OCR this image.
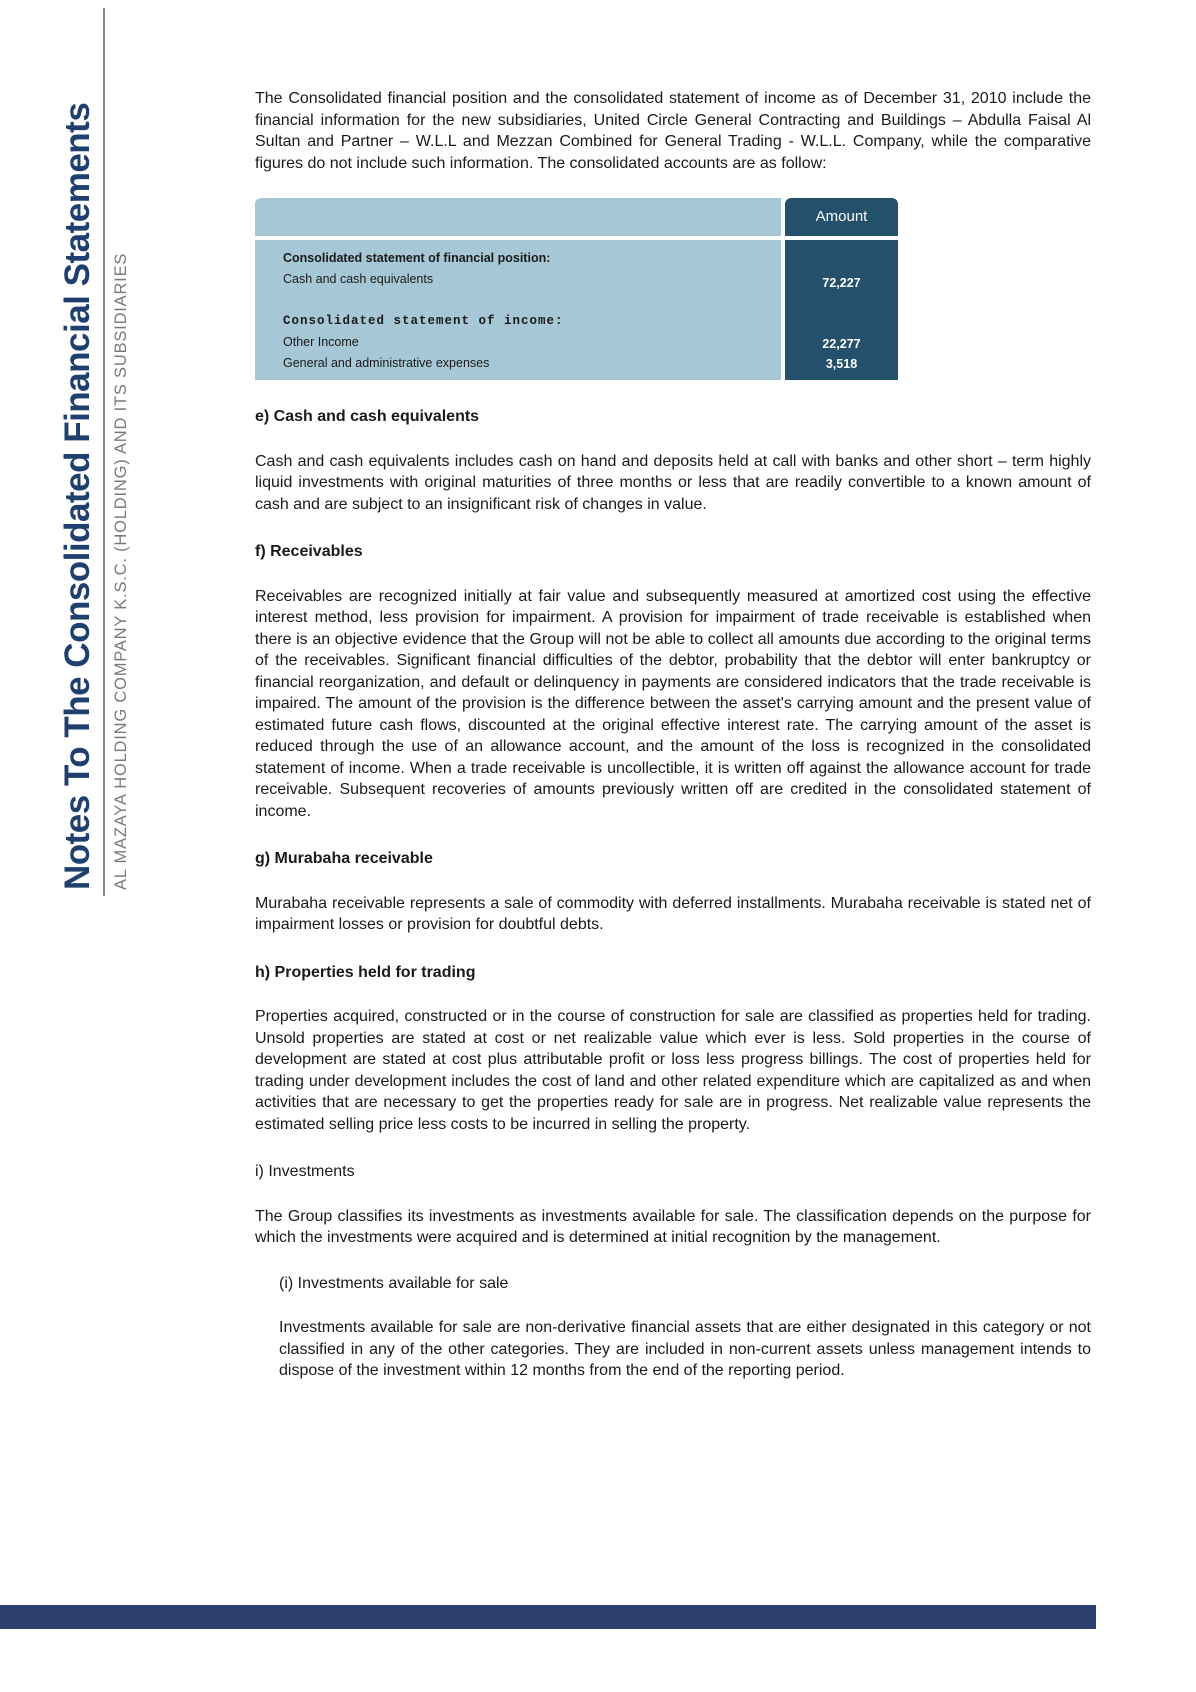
Notes To The Consolidated Financial Statements AL MAZAYA HOLDING COMPANY K.S.C. (HOLDING) AND ITS SUBSIDIARIES

The Consolidated financial position and the consolidated statement of income as of December 31, 2010 include the financial information for the new subsidiaries, United Circle General Contracting and Buildings – Abdulla Faisal Al Sultan and Partner – W.L.L and Mezzan Combined for General Trading - W.L.L. Company, while the comparative figures do not include such information. The consolidated accounts are as follow:

Consolidated statement of financial position:
Cash and cash equivalents
Consolidated statement of income:
Other Income
General and administrative expenses
Amount
72,227
22,277
3,518
e) Cash and cash equivalents

Cash and cash equivalents includes cash on hand and deposits held at call with banks and other short – term highly liquid investments with original maturities of three months or less that are readily convertible to a known amount of cash and are subject to an insignificant risk of changes in value.

f) Receivables

Receivables are recognized initially at fair value and subsequently measured at amortized cost using the effective interest method, less provision for impairment. A provision for impairment of trade receivable is established when there is an objective evidence that the Group will not be able to collect all amounts due according to the original terms of the receivables. Significant financial difficulties of the debtor, probability that the debtor will enter bankruptcy or financial reorganization, and default or delinquency in payments are considered indicators that the trade receivable is impaired. The amount of the provision is the difference between the asset's carrying amount and the present value of estimated future cash flows, discounted at the original effective interest rate. The carrying amount of the asset is reduced through the use of an allowance account, and the amount of the loss is recognized in the consolidated statement of income. When a trade receivable is uncollectible, it is written off against the allowance account for trade receivable. Subsequent recoveries of amounts previously written off are credited in the consolidated statement of income.

g) Murabaha receivable

Murabaha receivable represents a sale of commodity with deferred installments. Murabaha receivable is stated net of impairment losses or provision for doubtful debts.

h) Properties held for trading

Properties acquired, constructed or in the course of construction for sale are classified as properties held for trading. Unsold properties are stated at cost or net realizable value which ever is less. Sold properties in the course of development are stated at cost plus attributable profit or loss less progress billings. The cost of properties held for trading under development includes the cost of land and other related expenditure which are capitalized as and when activities that are necessary to get the properties ready for sale are in progress. Net realizable value represents the estimated selling price less costs to be incurred in selling the property.

i) Investments

The Group classifies its investments as investments available for sale. The classification depends on the purpose for which the investments were acquired and is determined at initial recognition by the management.

(i) Investments available for sale

Investments available for sale are non-derivative financial assets that are either designated in this category or not classified in any of the other categories. They are included in non-current assets unless management intends to dispose of the investment within 12 months from the end of the reporting period.
